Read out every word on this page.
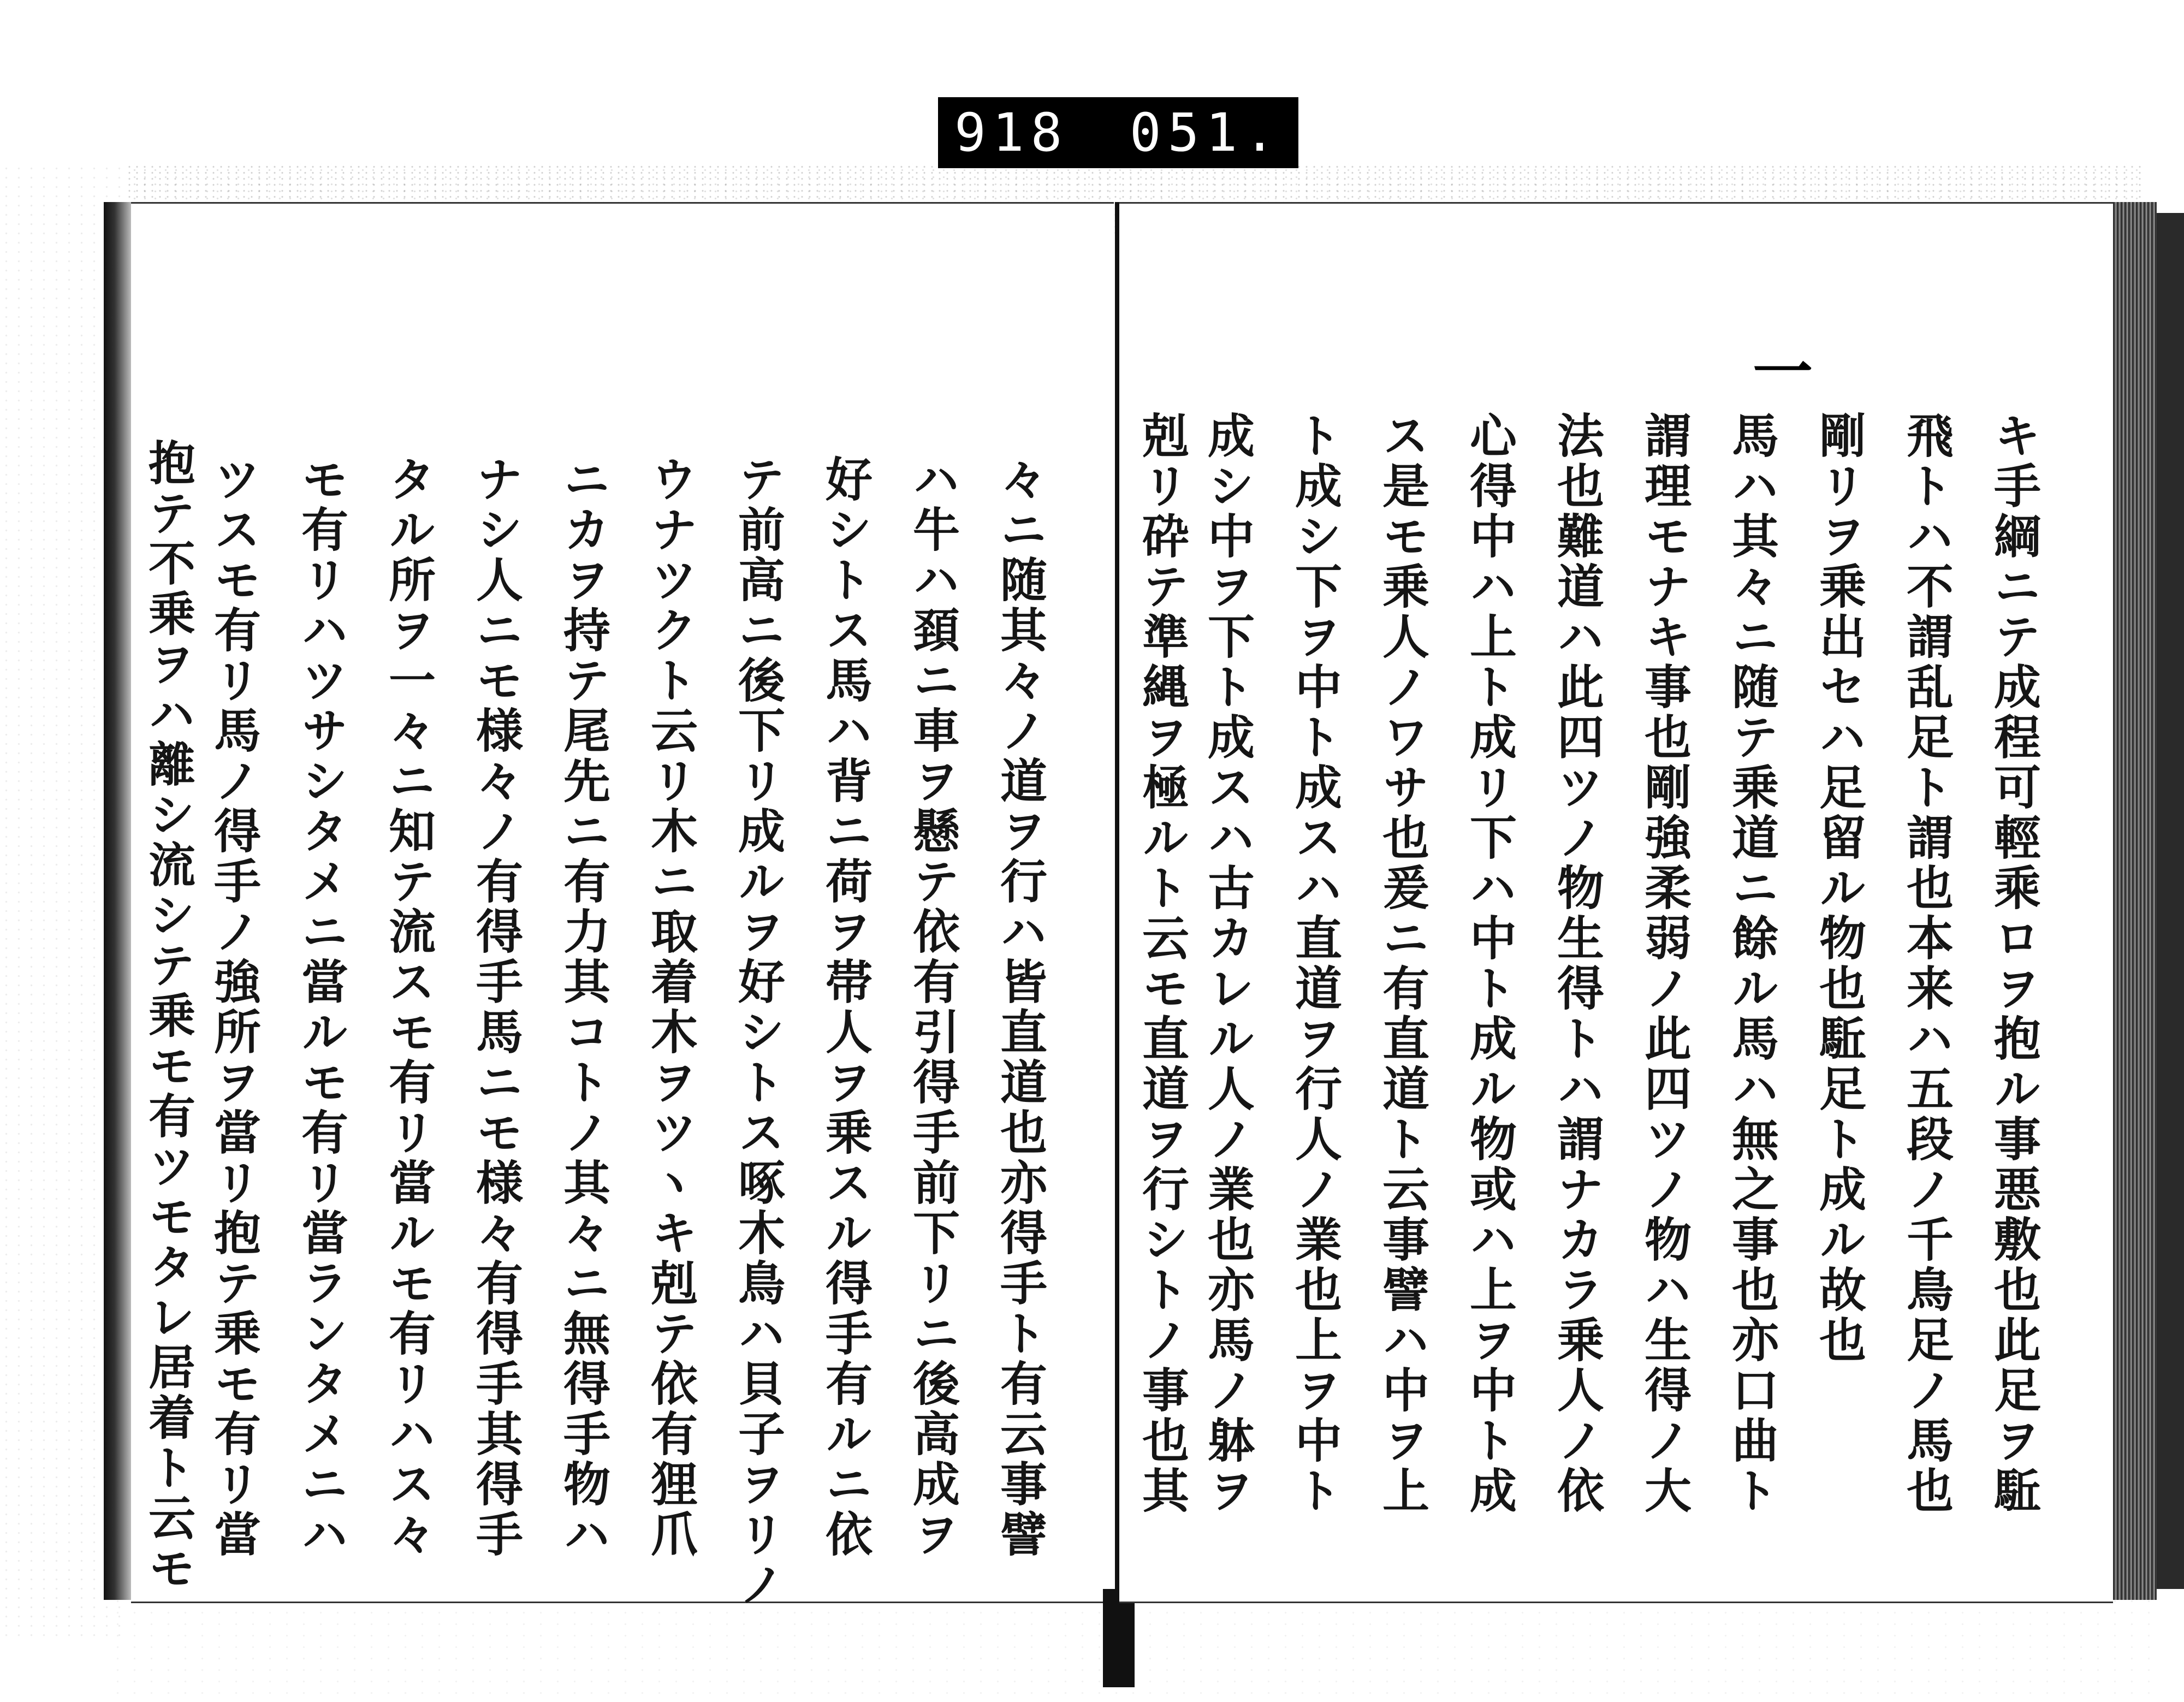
918 051.
々ニ随其々ノ道ヲ行ハ皆直道也亦得手ト有云事譬
ハ牛ハ頚ニ車ヲ懸テ依有引得手前下リニ後高成ヲ
好シトス馬ハ背ニ荷ヲ帯人ヲ乗スル得手有ルニ依
テ前高ニ後下リ成ルヲ好シトス啄木鳥ハ貝子ヲリノ
ウナツクト云リ木ニ取着木ヲツヽキ剋テ依有狸爪
ニカヲ持テ尾先ニ有力其コトノ其々ニ無得手物ハ
ナシ人ニモ様々ノ有得手馬ニモ様々有得手其得手
タル所ヲ一々ニ知テ流スモ有リ當ルモ有リハス々
モ有リハツサシタメニ當ルモ有リ當ランタメニハ
ツスモ有リ馬ノ得手ノ強所ヲ當リ抱テ乗モ有リ當
抱テ不乗ヲハ離シ流シテ乗モ有ツモタレ居着ト云モ
一
キ手綱ニテ成程可輕乘ロヲ抱ル事悪敷也此足ヲ駈
飛トハ不謂乱足ト謂也本来ハ五段ノ千鳥足ノ馬也
剛リヲ乗出セハ足留ル物也駈足ト成ル故也
馬ハ其々ニ随テ乗道ニ餘ル馬ハ無之事也亦口曲ト
謂理モナキ事也剛強柔弱ノ此四ツノ物ハ生得ノ大
法也難道ハ此四ツノ物生得トハ謂ナカラ乗人ノ依
心得中ハ上ト成リ下ハ中ト成ル物或ハ上ヲ中ト成
ス是モ乗人ノワサ也爰ニ有直道ト云事譬ハ中ヲ上
ト成シ下ヲ中ト成スハ直道ヲ行人ノ業也上ヲ中ト
成シ中ヲ下ト成スハ古カレル人ノ業也亦馬ノ躰ヲ
剋リ砕テ準縄ヲ極ルト云モ直道ヲ行シトノ事也其
